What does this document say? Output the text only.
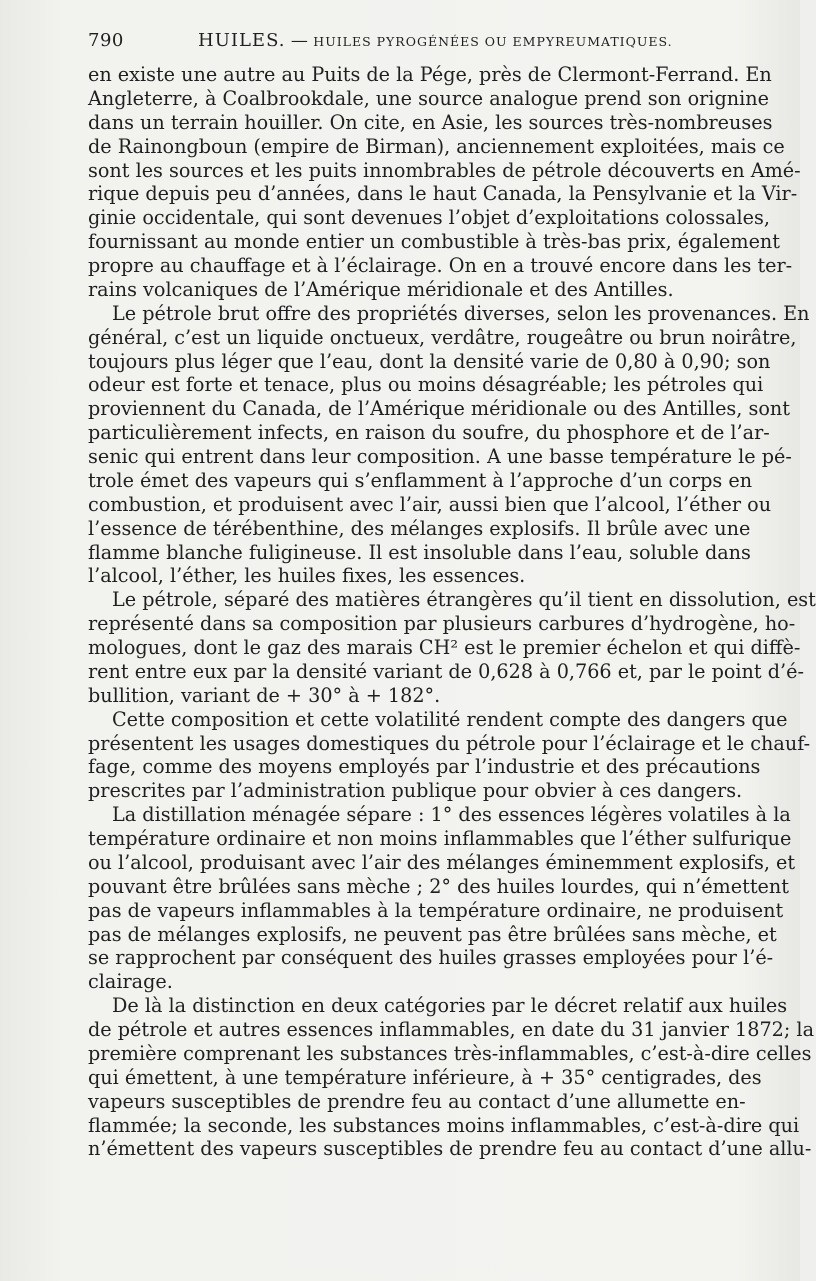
790	HUILES. — HUILES PYROGÉNÉES OU EMPYREUMATIQUES.
en existe une autre au Puits de la Pége, près de Clermont-Ferrand. En
Angleterre, à Coalbrookdale, une source analogue prend son orignine
dans un terrain houiller. On cite, en Asie, les sources très-nombreuses
de Rainongboun (empire de Birman), anciennement exploitées, mais ce
sont les sources et les puits innombrables de pétrole découverts en Amé-
rique depuis peu d’années, dans le haut Canada, la Pensylvanie et la Vir-
ginie occidentale, qui sont devenues l’objet d’exploitations colossales,
fournissant au monde entier un combustible à très-bas prix, également
propre au chauffage et à l’éclairage. On en a trouvé encore dans les ter-
rains volcaniques de l’Amérique méridionale et des Antilles.
Le pétrole brut offre des propriétés diverses, selon les provenances. En
général, c’est un liquide onctueux, verdâtre, rougeâtre ou brun noirâtre,
toujours plus léger que l’eau, dont la densité varie de 0,80 à 0,90; son
odeur est forte et tenace, plus ou moins désagréable; les pétroles qui
proviennent du Canada, de l’Amérique méridionale ou des Antilles, sont
particulièrement infects, en raison du soufre, du phosphore et de l’ar-
senic qui entrent dans leur composition. A une basse température le pé-
trole émet des vapeurs qui s’enflamment à l’approche d’un corps en
combustion, et produisent avec l’air, aussi bien que l’alcool, l’éther ou
l’essence de térébenthine, des mélanges explosifs. Il brûle avec une
flamme blanche fuligineuse. Il est insoluble dans l’eau, soluble dans
l’alcool, l’éther, les huiles fixes, les essences.
Le pétrole, séparé des matières étrangères qu’il tient en dissolution, est
représenté dans sa composition par plusieurs carbures d’hydrogène, ho-
mologues, dont le gaz des marais CH² est le premier échelon et qui diffè-
rent entre eux par la densité variant de 0,628 à 0,766 et, par le point d’é-
bullition, variant de + 30° à + 182°.
Cette composition et cette volatilité rendent compte des dangers que
présentent les usages domestiques du pétrole pour l’éclairage et le chauf-
fage, comme des moyens employés par l’industrie et des précautions
prescrites par l’administration publique pour obvier à ces dangers.
La distillation ménagée sépare : 1° des essences légères volatiles à la
température ordinaire et non moins inflammables que l’éther sulfurique
ou l’alcool, produisant avec l’air des mélanges éminemment explosifs, et
pouvant être brûlées sans mèche ; 2° des huiles lourdes, qui n’émettent
pas de vapeurs inflammables à la température ordinaire, ne produisent
pas de mélanges explosifs, ne peuvent pas être brûlées sans mèche, et
se rapprochent par conséquent des huiles grasses employées pour l’é-
clairage.
De là la distinction en deux catégories par le décret relatif aux huiles
de pétrole et autres essences inflammables, en date du 31 janvier 1872; la
première comprenant les substances très-inflammables, c’est-à-dire celles
qui émettent, à une température inférieure, à + 35° centigrades, des
vapeurs susceptibles de prendre feu au contact d’une allumette en-
flammée; la seconde, les substances moins inflammables, c’est-à-dire qui
n’émettent des vapeurs susceptibles de prendre feu au contact d’une allu-
